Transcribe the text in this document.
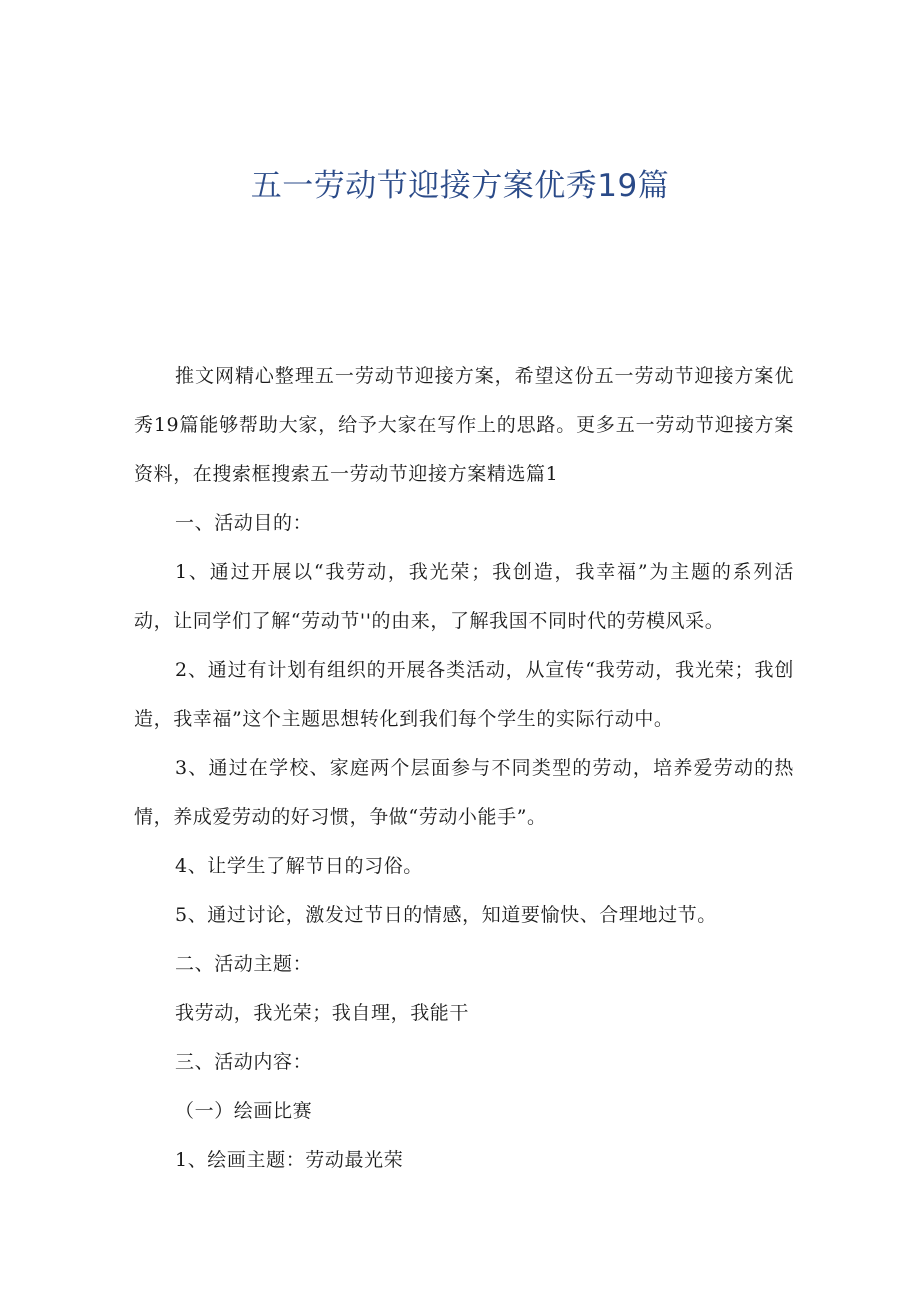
五一劳动节迎接方案优秀19篇

推文网精心整理五一劳动节迎接方案，希望这份五一劳动节迎接方案优秀19篇能够帮助大家，给予大家在写作上的思路。更多五一劳动节迎接方案资料，在搜索框搜索五一劳动节迎接方案精选篇1

一、活动目的：

1、通过开展以“我劳动，我光荣；我创造，我幸福”为主题的系列活动，让同学们了解“劳动节''的由来，了解我国不同时代的劳模风采。

2、通过有计划有组织的开展各类活动，从宣传“我劳动，我光荣；我创造，我幸福”这个主题思想转化到我们每个学生的实际行动中。

3、通过在学校、家庭两个层面参与不同类型的劳动，培养爱劳动的热情，养成爱劳动的好习惯，争做“劳动小能手”。

4、让学生了解节日的习俗。

5、通过讨论，激发过节日的情感，知道要愉快、合理地过节。

二、活动主题：

我劳动，我光荣；我自理，我能干

三、活动内容：

（一）绘画比赛

1、绘画主题：劳动最光荣
